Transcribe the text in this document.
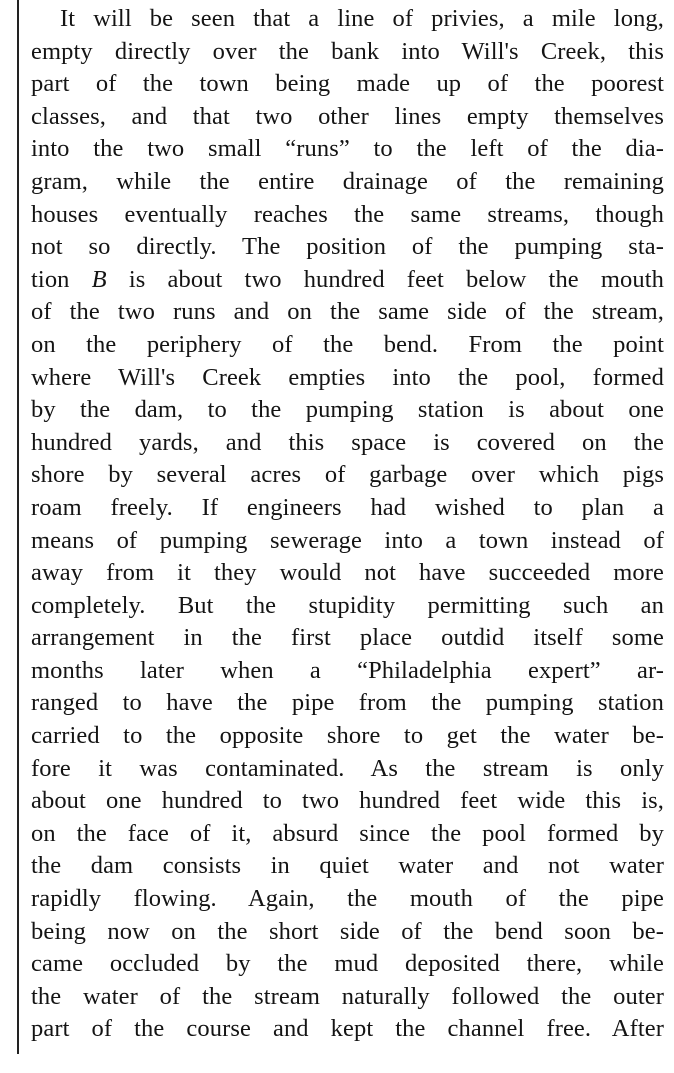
It will be seen that a line of privies, a mile long,
empty directly over the bank into Will's Creek, this
part of the town being made up of the poorest
classes, and that two other lines empty themselves
into the two small “runs” to the left of the dia-
gram, while the entire drainage of the remaining
houses eventually reaches the same streams, though
not so directly. The position of the pumping sta-
tion B is about two hundred feet below the mouth
of the two runs and on the same side of the stream,
on the periphery of the bend. From the point
where Will's Creek empties into the pool, formed
by the dam, to the pumping station is about one
hundred yards, and this space is covered on the
shore by several acres of garbage over which pigs
roam freely. If engineers had wished to plan a
means of pumping sewerage into a town instead of
away from it they would not have succeeded more
completely. But the stupidity permitting such an
arrangement in the first place outdid itself some
months later when a “Philadelphia expert” ar-
ranged to have the pipe from the pumping station
carried to the opposite shore to get the water be-
fore it was contaminated. As the stream is only
about one hundred to two hundred feet wide this is,
on the face of it, absurd since the pool formed by
the dam consists in quiet water and not water
rapidly flowing. Again, the mouth of the pipe
being now on the short side of the bend soon be-
came occluded by the mud deposited there, while
the water of the stream naturally followed the outer
part of the course and kept the channel free. After
